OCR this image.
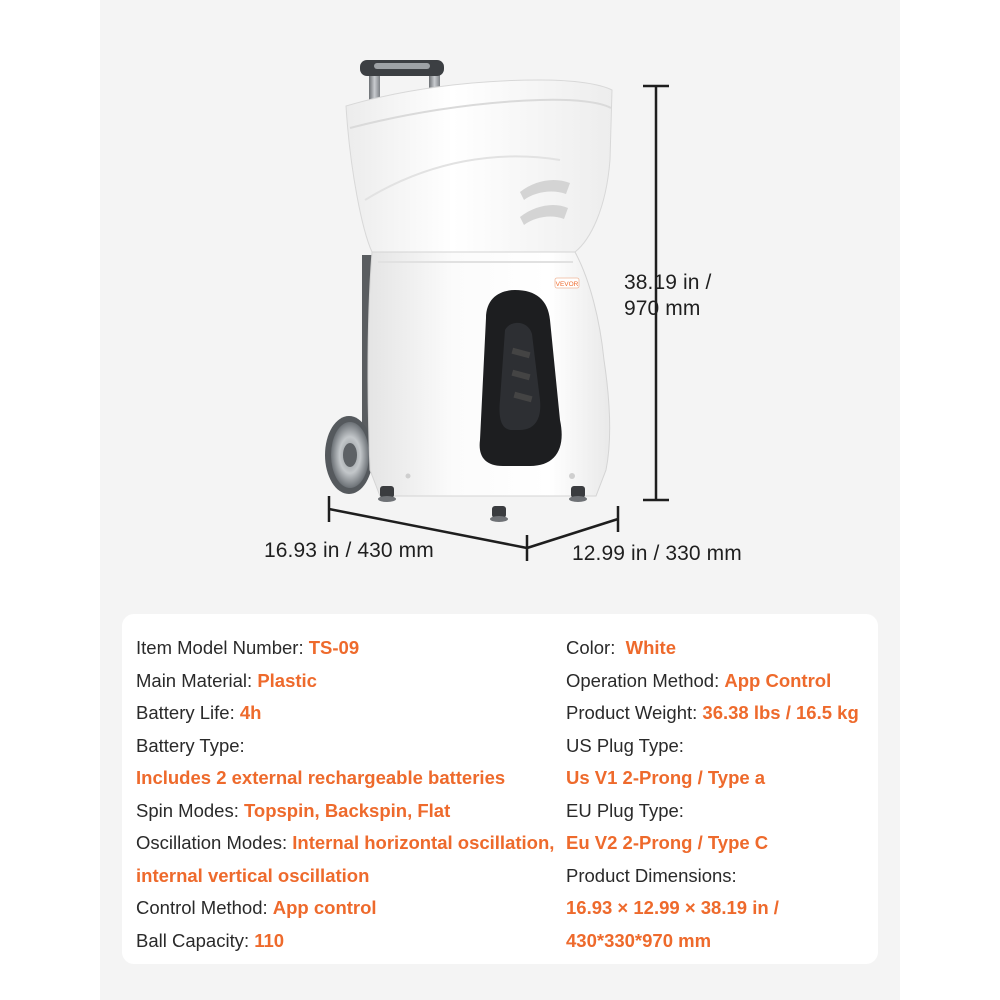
VEVOR 38.19 in /
970 mm
16.93 in / 430 mm	12.99 in / 330 mm
Item Model Number: TS-09
Main Material: Plastic
Battery Life: 4h
Battery Type:
Includes 2 external rechargeable batteries
Spin Modes: Topspin, Backspin, Flat
Oscillation Modes: Internal horizontal oscillation,
internal vertical oscillation
Control Method: App control
Ball Capacity: 110
Color:  White
Operation Method: App Control
Product Weight: 36.38 lbs / 16.5 kg
US Plug Type:
Us V1 2-Prong / Type a
EU Plug Type:
Eu V2 2-Prong / Type C
Product Dimensions:
16.93 × 12.99 × 38.19 in /
430*330*970 mm
